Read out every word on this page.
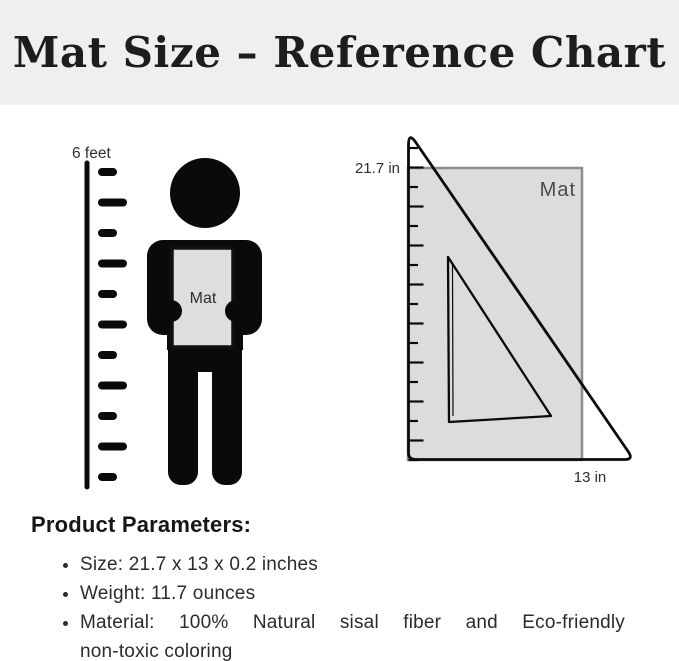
Mat Size – Reference Chart
6 feet
Mat
Mat
21.7 in
13 in
Product Parameters:
• Size: 21.7 x 13 x 0.2 inches
• Weight: 11.7 ounces
• Material: 100% Natural sisal fiber and Eco-friendly
non-toxic coloring
